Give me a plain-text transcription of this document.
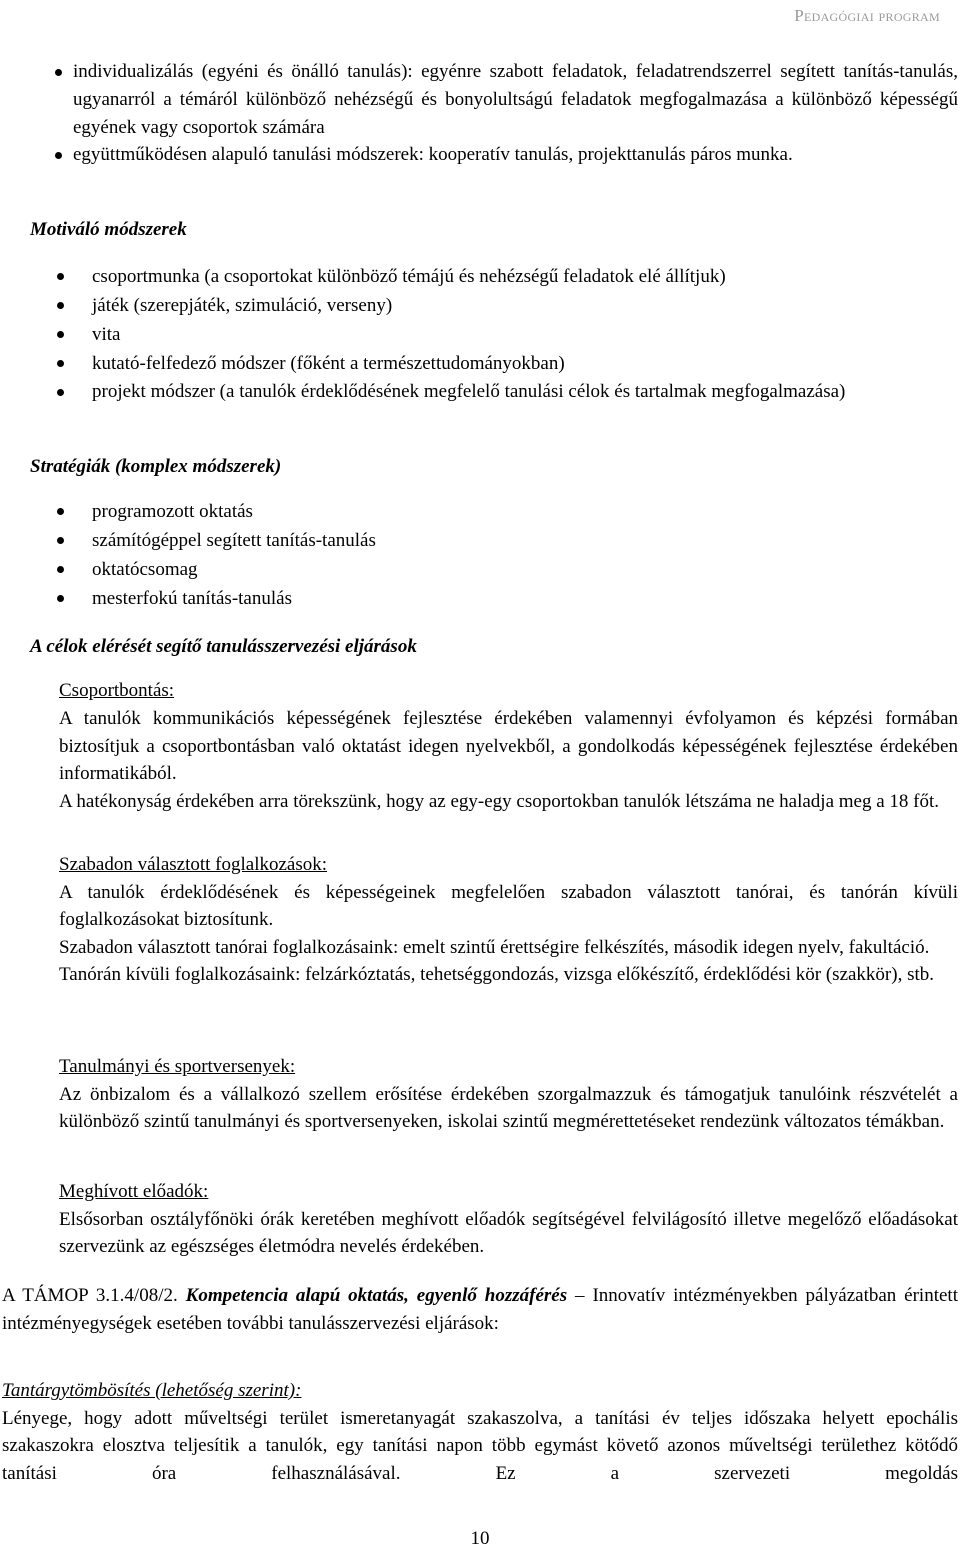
Pedagógiai program
individualizálás (egyéni és önálló tanulás): egyénre szabott feladatok, feladatrendszerrel segített tanítás-tanulás, ugyanarról a témáról különböző nehézségű és bonyolultságú feladatok megfogalmazása a különböző képességű egyének vagy csoportok számára
együttműködésen alapuló tanulási módszerek: kooperatív tanulás, projekttanulás páros munka.
Motiváló módszerek
csoportmunka (a csoportokat különböző témájú és nehézségű feladatok elé állítjuk)
játék (szerepjáték, szimuláció, verseny)
vita
kutató-felfedező módszer (főként a természettudományokban)
projekt módszer (a tanulók érdeklődésének megfelelő tanulási célok és tartalmak megfogalmazása)
Stratégiák (komplex módszerek)
programozott oktatás
számítógéppel segített tanítás-tanulás
oktatócsomag
mesterfokú tanítás-tanulás
A célok elérését segítő tanulásszervezési eljárások
Csoportbontás:
A tanulók kommunikációs képességének fejlesztése érdekében valamennyi évfolyamon és képzési formában biztosítjuk a csoportbontásban való oktatást idegen nyelvekből, a gondolkodás képességének fejlesztése érdekében informatikából.
A hatékonyság érdekében arra törekszünk, hogy az egy-egy csoportokban tanulók létszáma ne haladja meg a 18 főt.
Szabadon választott foglalkozások:
A tanulók érdeklődésének és képességeinek megfelelően szabadon választott tanórai, és tanórán kívüli foglalkozásokat biztosítunk.
Szabadon választott tanórai foglalkozásaink: emelt szintű érettségire felkészítés, második idegen nyelv, fakultáció.
Tanórán kívüli foglalkozásaink: felzárkóztatás, tehetséggondozás, vizsga előkészítő, érdeklődési kör (szakkör), stb.
Tanulmányi és sportversenyek:
Az önbizalom és a vállalkozó szellem erősítése érdekében szorgalmazzuk és támogatjuk tanulóink részvételét a különböző szintű tanulmányi és sportversenyeken, iskolai szintű megmérettetéseket rendezünk változatos témákban.
Meghívott előadók:
Elsősorban osztályfőnöki órák keretében meghívott előadók segítségével felvilágosító illetve megelőző előadásokat szervezünk az egészséges életmódra nevelés érdekében.
A TÁMOP 3.1.4/08/2. Kompetencia alapú oktatás, egyenlő hozzáférés – Innovatív intézményekben pályázatban érintett intézményegységek esetében további tanulásszervezési eljárások:
Tantárgytömbösítés (lehetőség szerint):
Lényege, hogy adott műveltségi terület ismeretanyagát szakaszolva, a tanítási év teljes időszaka helyett epochális szakaszokra elosztva teljesítik a tanulók, egy tanítási napon több egymást követő azonos műveltségi területhez kötődő tanítási óra felhasználásával. Ez a szervezeti megoldás
10
